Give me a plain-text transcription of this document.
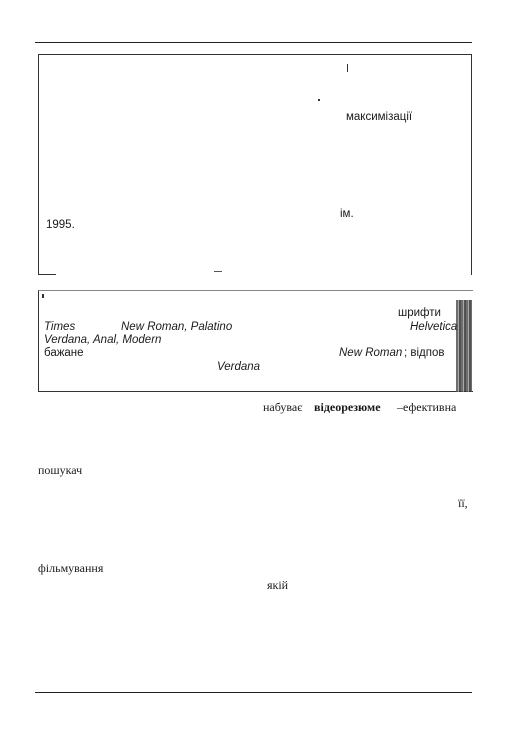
максимізації
ім.
1995.
шрифти
Times	New Roman, Palatino	Helvetica
Verdana, Anal, Modern
бажане	New Roman ; відпов
Verdana
набуває відеорезюме –ефективна
пошукач
її,
фільмування
якій
